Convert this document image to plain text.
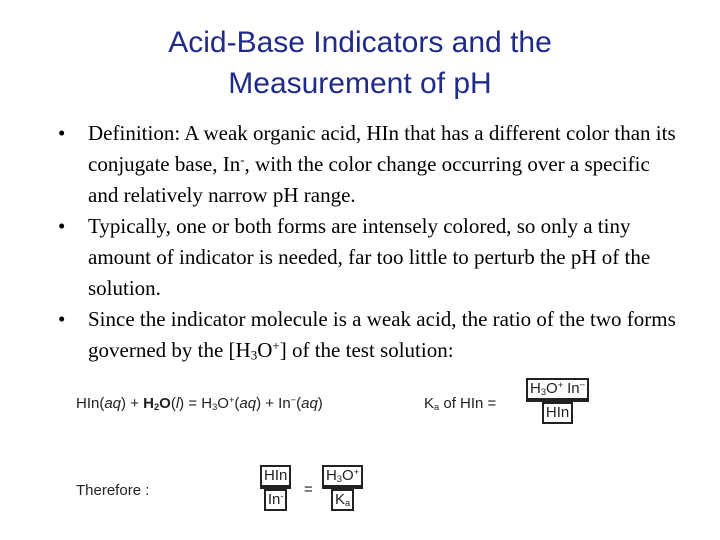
Acid-Base Indicators and the
Measurement of pH
• Definition: A weak organic acid, HIn that has a different color than its conjugate base, In-, with the color change occurring over a specific and relatively narrow pH range.
• Typically, one or both forms are intensely colored, so only a tiny amount of indicator is needed, far too little to perturb the pH of the solution.
• Since the indicator molecule is a weak acid, the ratio of the two forms governed by the $[H_3O^+]$ of the test solution:
$HIn(aq) + H_2O(l) = H_3O^+(aq) + In^-(aq)$	$K_a$ of HIn =
$H_3O^+$ In−
HIn
Therefore :
HIn
In- =
$H_3O^+$
$K_a$
